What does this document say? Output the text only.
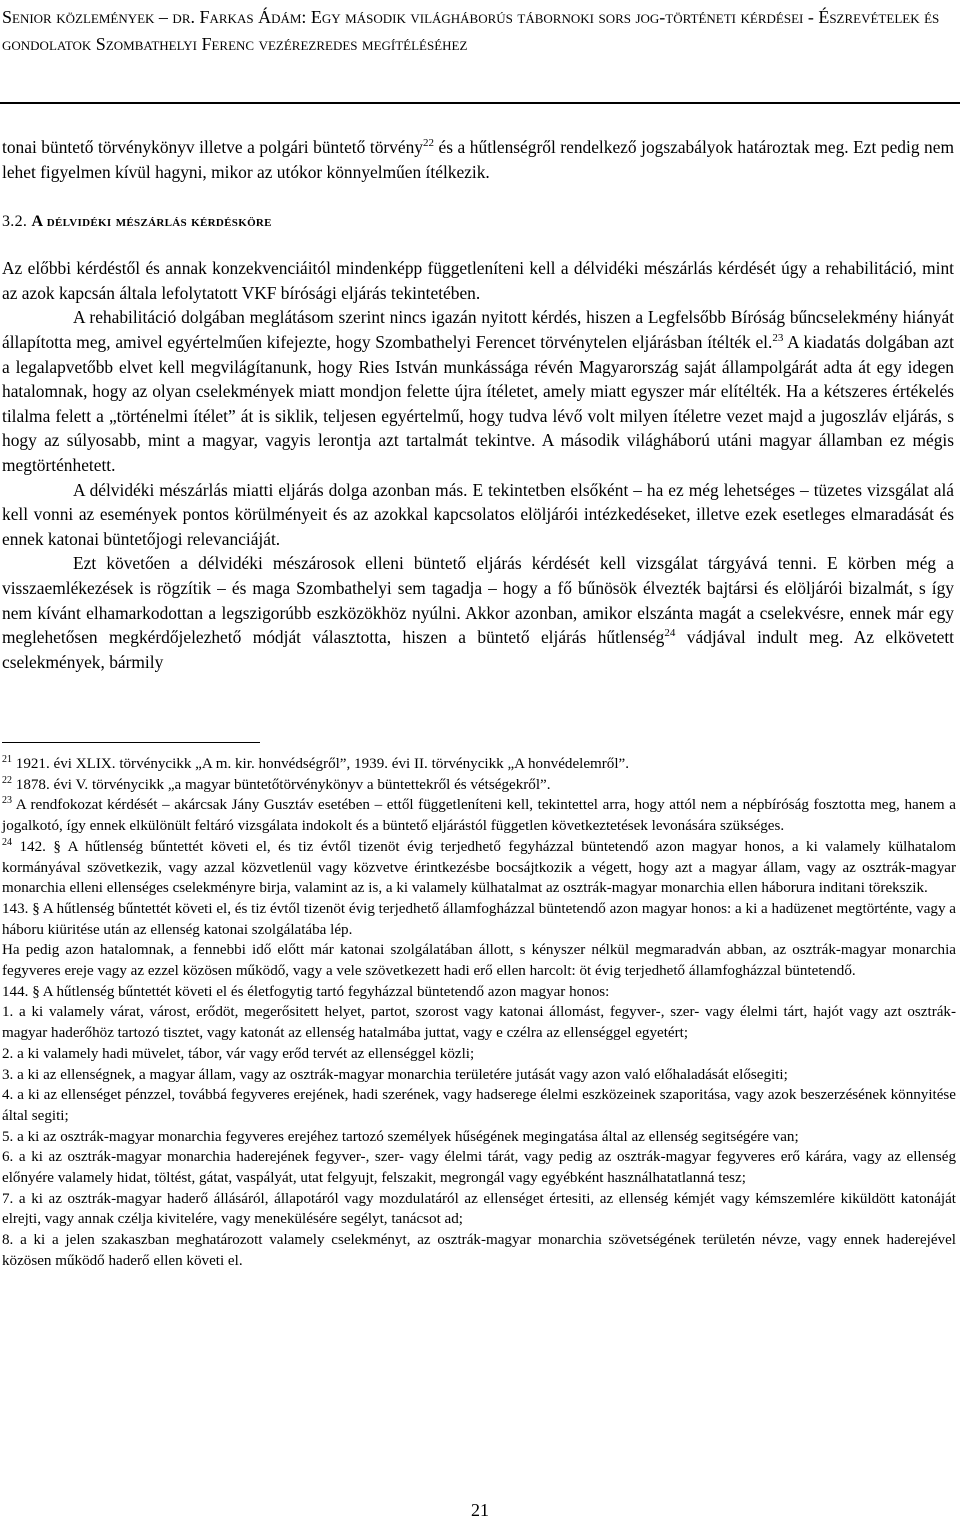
Senior közlemények – dr. Farkas Ádám: Egy második világháborús tábornoki sors jog-történeti kérdései - Észrevételek és gondolatok Szombathelyi Ferenc vezérezredes megítéléséhez

tonai büntető törvénykönyv illetve a polgári büntető törvény$^{22}$ és a hűtlenségről rendelkező jogszabályok határoztak meg. Ezt pedig nem lehet figyelmen kívül hagyni, mikor az utókor könnyelműen ítélkezik.

3.2. A délvidéki mészárlás kérdésköre

Az előbbi kérdéstől és annak konzekvenciáitól mindenképp függetleníteni kell a délvidéki mészárlás kérdését úgy a rehabilitáció, mint az azok kapcsán általa lefolytatott VKF bírósági eljárás tekintetében.

A rehabilitáció dolgában meglátásom szerint nincs igazán nyitott kérdés, hiszen a Legfelsőbb Bíróság bűncselekmény hiányát állapította meg, amivel egyértelműen kifejezte, hogy Szombathelyi Ferencet törvénytelen eljárásban ítélték el.$^{23}$ A kiadatás dolgában azt a legalapvetőbb elvet kell megvilágítanunk, hogy Ries István munkássága révén Magyarország saját állampolgárát adta át egy idegen hatalomnak, hogy az olyan cselekmények miatt mondjon felette újra ítéletet, amely miatt egyszer már elítélték. Ha a kétszeres értékelés tilalma felett a „történelmi ítélet” át is siklik, teljesen egyértelmű, hogy tudva lévő volt milyen ítéletre vezet majd a jugoszláv eljárás, s hogy az súlyosabb, mint a magyar, vagyis lerontja azt tartalmát tekintve. A második világháború utáni magyar államban ez mégis megtörténhetett.

A délvidéki mészárlás miatti eljárás dolga azonban más. E tekintetben elsőként – ha ez még lehetséges – tüzetes vizsgálat alá kell vonni az események pontos körülményeit és az azokkal kapcsolatos elöljárói intézkedéseket, illetve ezek esetleges elmaradását és ennek katonai büntetőjogi relevanciáját.

Ezt követően a délvidéki mészárosok elleni büntető eljárás kérdését kell vizsgálat tárgyává tenni. E körben még a visszaemlékezések is rögzítik – és maga Szombathelyi sem tagadja – hogy a fő bűnösök élvezték bajtársi és elöljárói bizalmát, s így nem kívánt elhamarkodottan a legszigorúbb eszközökhöz nyúlni. Akkor azonban, amikor elszánta magát a cselekvésre, ennek már egy meglehetősen megkérdőjelezhető módját választotta, hiszen a büntető eljárás hűtlenség$^{24}$ vádjával indult meg. Az elkövetett cselekmények, bármily

$^{21}$ 1921. évi XLIX. törvénycikk „A m. kir. honvédségről”, 1939. évi II. törvénycikk „A honvédelemről”.

$^{22}$ 1878. évi V. törvénycikk „a magyar büntetőtörvénykönyv a büntettekről és vétségekről”.

$^{23}$ A rendfokozat kérdését – akárcsak Jány Gusztáv esetében – ettől függetleníteni kell, tekintettel arra, hogy attól nem a népbíróság fosztotta meg, hanem a jogalkotó, így ennek elkülönült feltáró vizsgálata indokolt és a büntető eljárástól független következtetések levonására szükséges.

$^{24}$ 142. § A hűtlenség bűntettét követi el, és tiz évtől tizenöt évig terjedhető fegyházzal büntetendő azon magyar honos, a ki valamely külhatalom kormányával szövetkezik, vagy azzal közvetlenül vagy közvetve érintkezésbe bocsájtkozik a végett, hogy azt a magyar állam, vagy az osztrák-magyar monarchia elleni ellenséges cselekményre birja, valamint az is, a ki valamely külhatalmat az osztrák-magyar monarchia ellen háborura inditani törekszik.

143. § A hűtlenség bűntettét követi el, és tiz évtől tizenöt évig terjedhető államfogházzal büntetendő azon magyar honos: a ki a hadüzenet megtörténte, vagy a háboru kiüritése után az ellenség katonai szolgálatába lép.

Ha pedig azon hatalomnak, a fennebbi idő előtt már katonai szolgálatában állott, s kényszer nélkül megmaradván abban, az osztrák-magyar monarchia fegyveres ereje vagy az ezzel közösen működő, vagy a vele szövetkezett hadi erő ellen harcolt: öt évig terjedhető államfogházzal büntetendő.

144. § A hűtlenség bűntettét követi el és életfogytig tartó fegyházzal büntetendő azon magyar honos:

1. a ki valamely várat, várost, erődöt, megerősitett helyet, partot, szorost vagy katonai állomást, fegyver-, szer- vagy élelmi tárt, hajót vagy azt osztrák-magyar haderőhöz tartozó tisztet, vagy katonát az ellenség hatalmába juttat, vagy e czélra az ellenséggel egyetért;

2. a ki valamely hadi müvelet, tábor, vár vagy erőd tervét az ellenséggel közli;

3. a ki az ellenségnek, a magyar állam, vagy az osztrák-magyar monarchia területére jutását vagy azon való előhaladását elősegiti;

4. a ki az ellenséget pénzzel, továbbá fegyveres erejének, hadi szerének, vagy hadserege élelmi eszközeinek szaporitása, vagy azok beszerzésének könnyitése által segiti;

5. a ki az osztrák-magyar monarchia fegyveres erejéhez tartozó személyek hűségének megingatása által az ellenség segitségére van;

6. a ki az osztrák-magyar monarchia haderejének fegyver-, szer- vagy élelmi tárát, vagy pedig az osztrák-magyar fegyveres erő kárára, vagy az ellenség előnyére valamely hidat, töltést, gátat, vaspályát, utat felgyujt, felszakit, megrongál vagy egyébként használhatatlanná tesz;

7. a ki az osztrák-magyar haderő állásáról, állapotáról vagy mozdulatáról az ellenséget értesiti, az ellenség kémjét vagy kémszemlére kiküldött katonáját elrejti, vagy annak czélja kivitelére, vagy menekülésére segélyt, tanácsot ad;

8. a ki a jelen szakaszban meghatározott valamely cselekményt, az osztrák-magyar monarchia szövetségének területén névze, vagy ennek haderejével közösen működő haderő ellen követi el.

21
